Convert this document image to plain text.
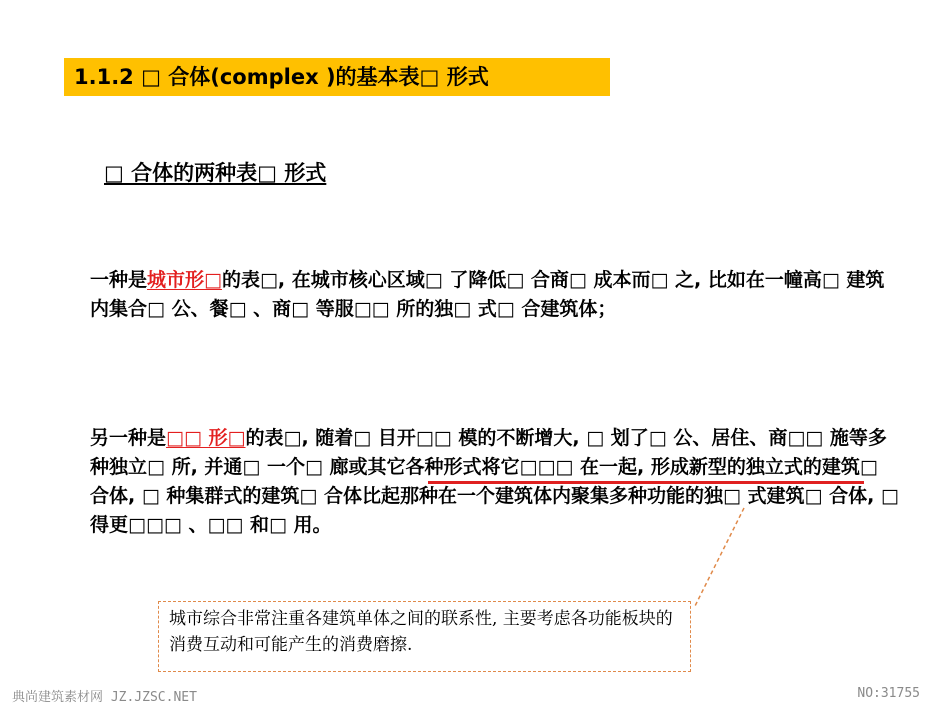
1.1.2 □ 合体(complex )的基本表□ 形式
□ 合体的两种表□ 形式
一种是城市形□的表□, 在城市核心区域□ 了降低□ 合商□ 成本而□ 之, 比如在一幢高□ 建筑内集合□ 公、餐□ 、商□ 等服□□ 所的独□ 式□ 合建筑体；
另一种是□□ 形□的表□, 随着□ 目开□□ 模的不断增大, □ 划了□ 公、居住、商□□ 施等多种独立□ 所, 并通□ 一个□ 廊或其它各种形式将它□□□ 在一起, 形成新型的独立式的建筑□ 合体, □ 种集群式的建筑□ 合体比起那种在一个建筑体内聚集多种功能的独□ 式建筑□ 合体, □ 得更□□□ 、□□ 和□ 用。
城市综合非常注重各建筑单体之间的联系性, 主要考虑各功能板块的消费互动和可能产生的消费磨擦.
典尚建筑素材网 JZ.JZSC.NET	NO:31755
